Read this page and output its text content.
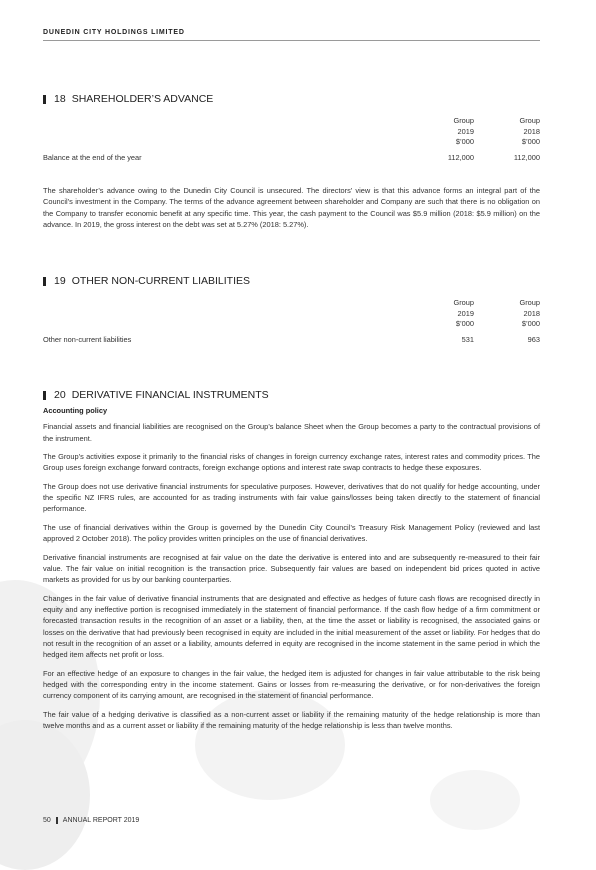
DUNEDIN CITY HOLDINGS LIMITED
18 SHAREHOLDER’S ADVANCE
Group
2019
$’000
Group
2018
$’000
Balance at the end of the year	112,000	112,000

The shareholder’s advance owing to the Dunedin City Council is unsecured. The directors’ view is that this advance forms an integral part of the Council’s investment in the Company. The terms of the advance agreement between shareholder and Company are such that there is no obligation on the Company to transfer economic benefit at any specific time. This year, the cash payment to the Council was $5.9 million (2018: $5.9 million) on the advance. In 2019, the gross interest on the debt was set at 5.27% (2018: 5.27%).

19 OTHER NON-CURRENT LIABILITIES
Group
2019
$’000
Group
2018
$’000
Other non-current liabilities	531	963
20 DERIVATIVE FINANCIAL INSTRUMENTS

Accounting policy

Financial assets and financial liabilities are recognised on the Group’s balance Sheet when the Group becomes a party to the contractual provisions of the instrument.

The Group’s activities expose it primarily to the financial risks of changes in foreign currency exchange rates, interest rates and commodity prices. The Group uses foreign exchange forward contracts, foreign exchange options and interest rate swap contracts to hedge these exposures.

The Group does not use derivative financial instruments for speculative purposes. However, derivatives that do not qualify for hedge accounting, under the specific NZ IFRS rules, are accounted for as trading instruments with fair value gains/losses being taken directly to the statement of financial performance.

The use of financial derivatives within the Group is governed by the Dunedin City Council’s Treasury Risk Management Policy (reviewed and last approved 2 October 2018). The policy provides written principles on the use of financial derivatives.

Derivative financial instruments are recognised at fair value on the date the derivative is entered into and are subsequently re-measured to their fair value. The fair value on initial recognition is the transaction price. Subsequently fair values are based on independent bid prices quoted in active markets as provided for us by our banking counterparties.

Changes in the fair value of derivative financial instruments that are designated and effective as hedges of future cash flows are recognised directly in equity and any ineffective portion is recognised immediately in the statement of financial performance. If the cash flow hedge of a firm commitment or forecasted transaction results in the recognition of an asset or a liability, then, at the time the asset or liability is recognised, the associated gains or losses on the derivative that had previously been recognised in equity are included in the initial measurement of the asset or liability. For hedges that do not result in the recognition of an asset or a liability, amounts deferred in equity are recognised in the income statement in the same period in which the hedged item affects net profit or loss.

For an effective hedge of an exposure to changes in the fair value, the hedged item is adjusted for changes in fair value attributable to the risk being hedged with the corresponding entry in the income statement. Gains or losses from re-measuring the derivative, or for non-derivatives the foreign currency component of its carrying amount, are recognised in the statement of financial performance.

The fair value of a hedging derivative is classified as a non-current asset or liability if the remaining maturity of the hedge relationship is more than twelve months and as a current asset or liability if the remaining maturity of the hedge relationship is less than twelve months.

50 ANNUAL REPORT 2019
